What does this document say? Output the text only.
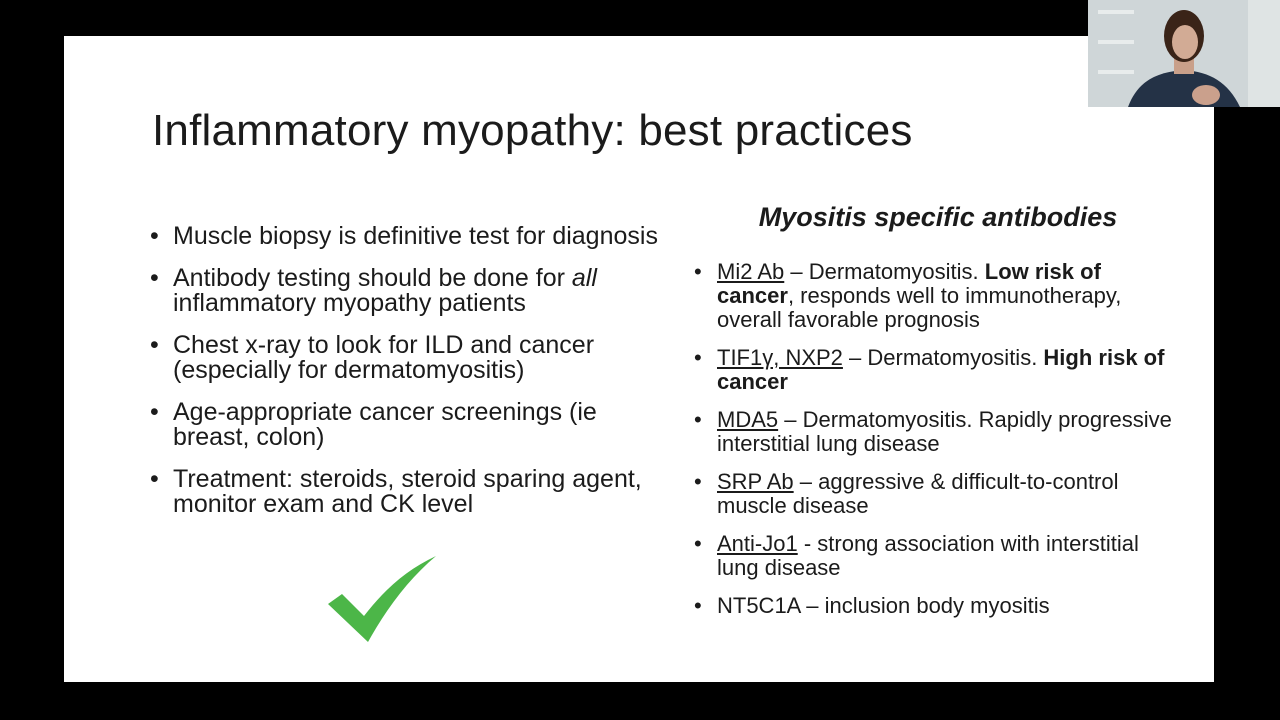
Inflammatory myopathy: best practices
• Muscle biopsy is definitive test for diagnosis
• Antibody testing should be done for all inflammatory myopathy patients
• Chest x-ray to look for ILD and cancer (especially for dermatomyositis)
• Age-appropriate cancer screenings (ie breast, colon)
• Treatment: steroids, steroid sparing agent, monitor exam and CK level
Myositis specific antibodies
• Mi2 Ab – Dermatomyositis. Low risk of cancer, responds well to immunotherapy, overall favorable prognosis
• TIF1γ, NXP2 – Dermatomyositis. High risk of cancer
• MDA5 – Dermatomyositis. Rapidly progressive interstitial lung disease
• SRP Ab – aggressive & difficult-to-control muscle disease
• Anti-Jo1 - strong association with interstitial lung disease
• NT5C1A – inclusion body myositis
